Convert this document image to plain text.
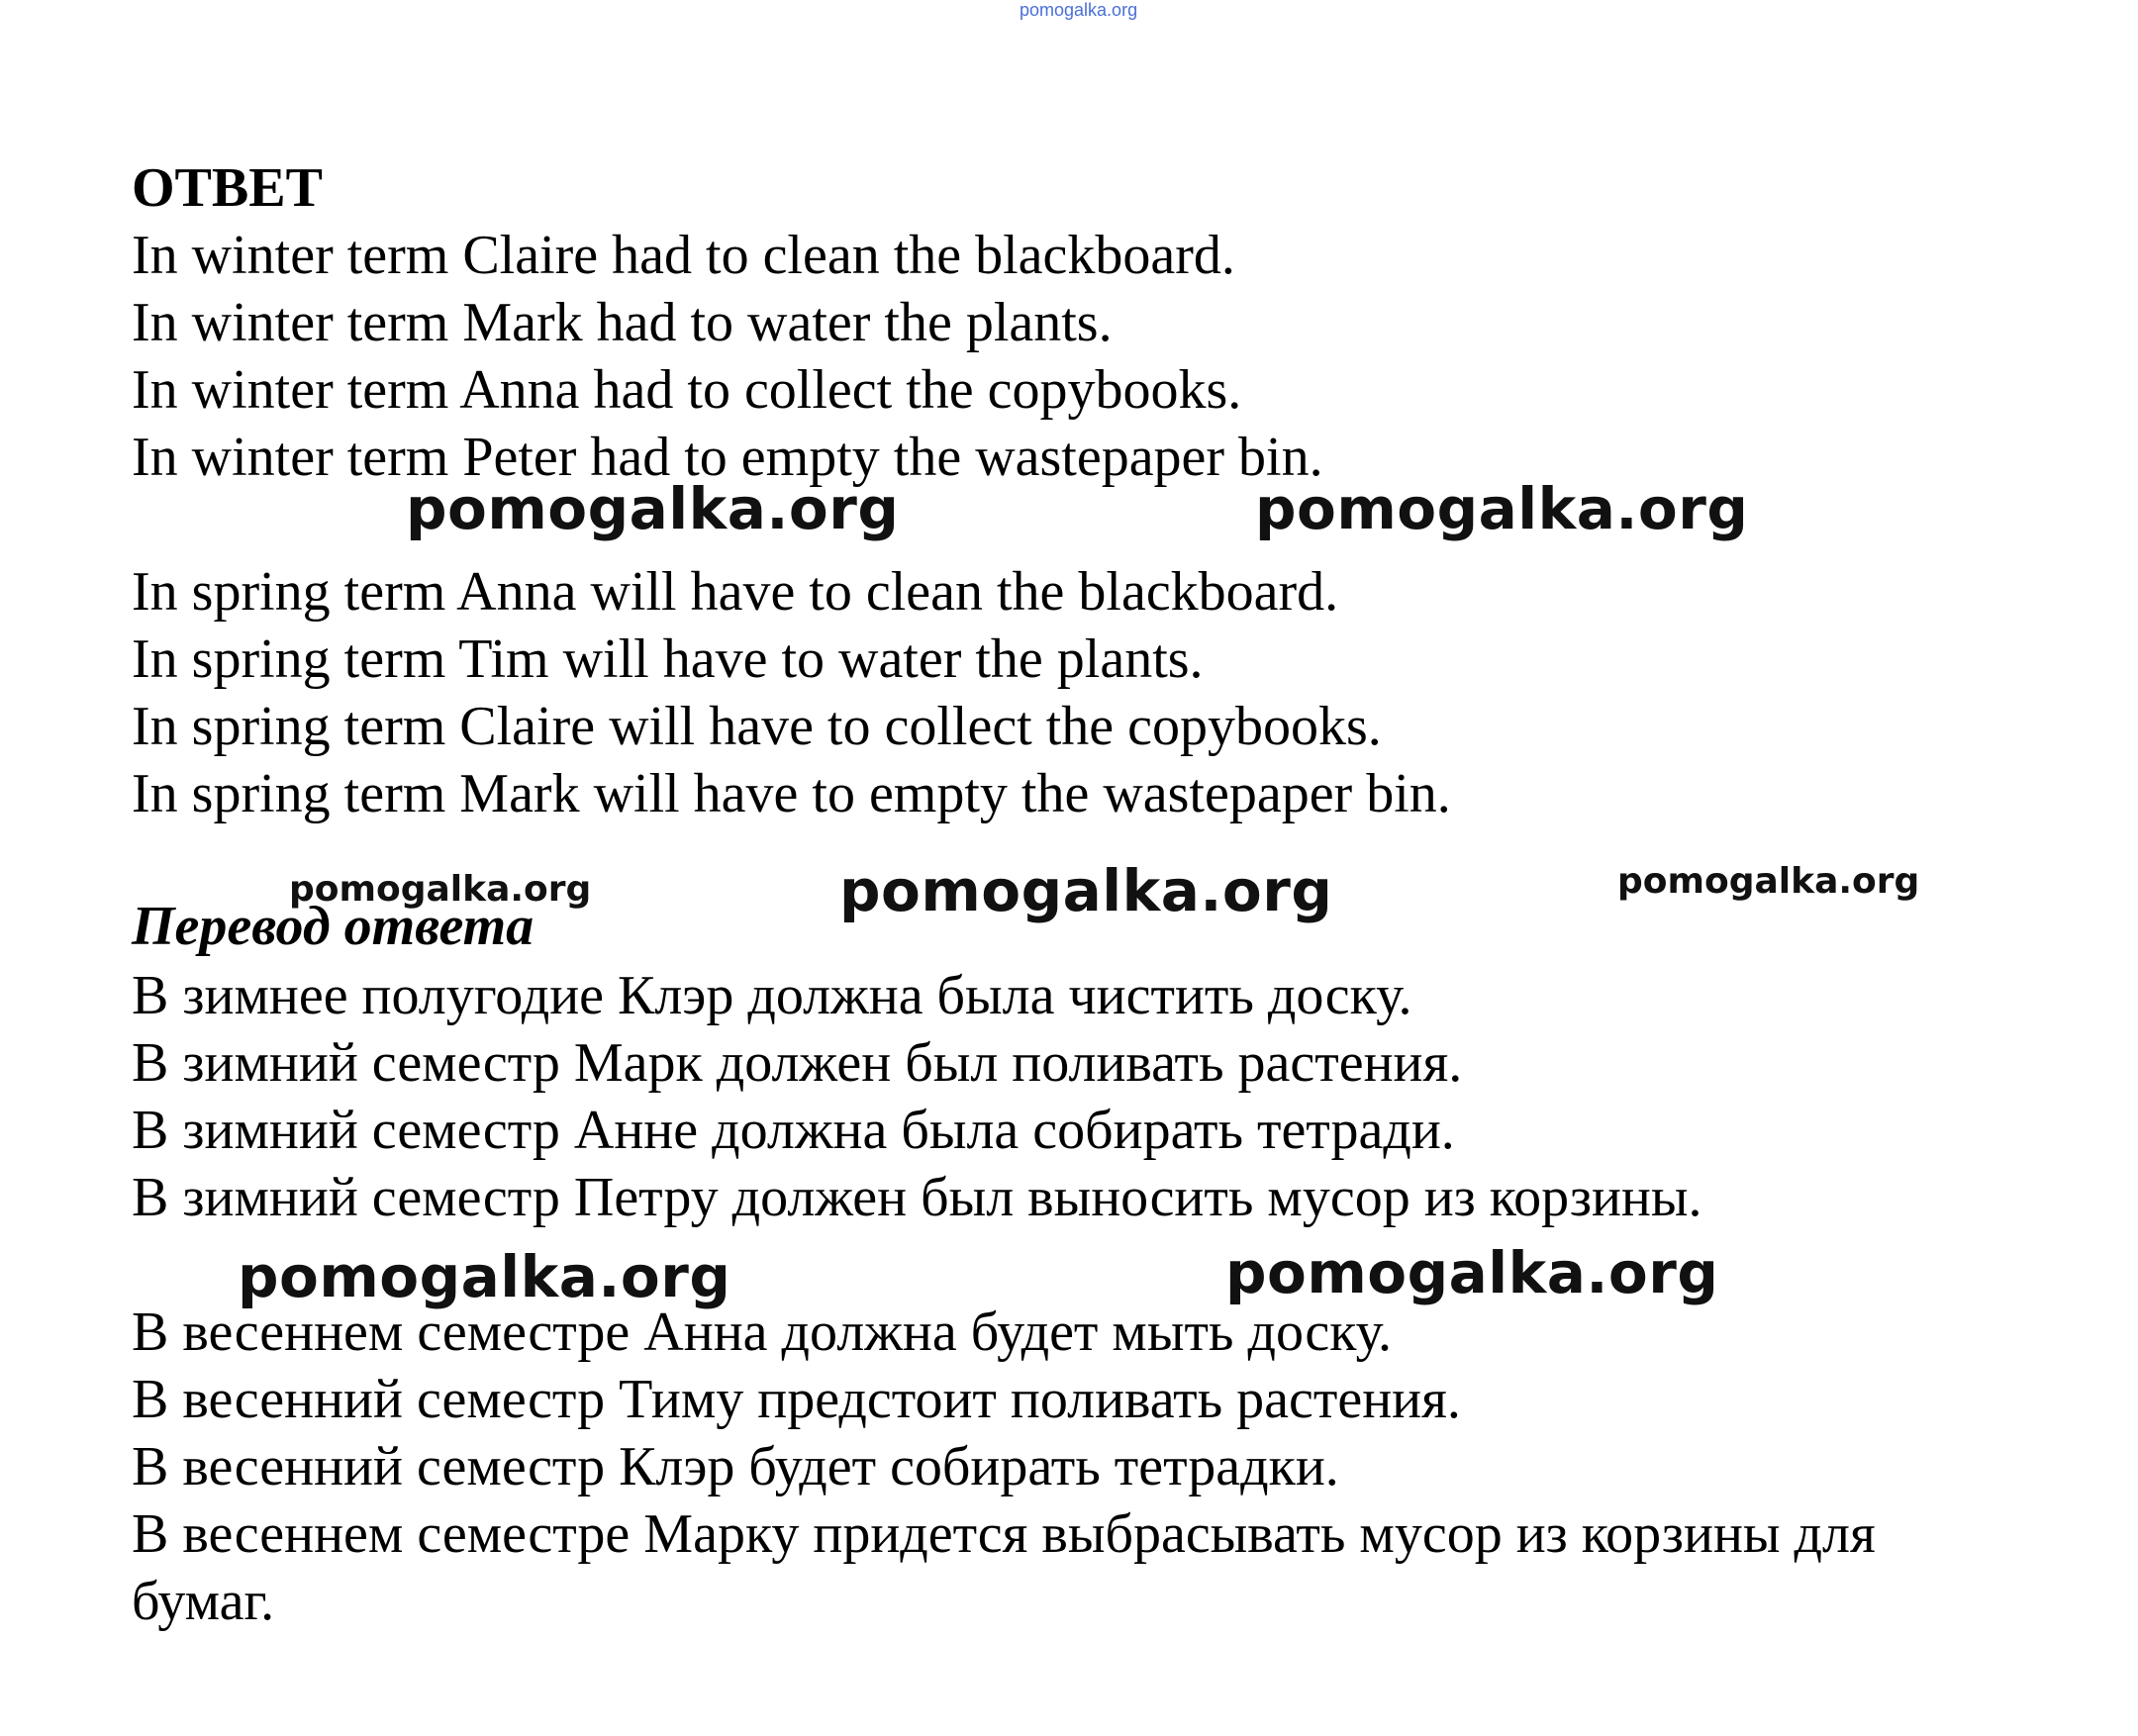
pomogalka.org
ОТВЕТ
In winter term Claire had to clean the blackboard.
In winter term Mark had to water the plants.
In winter term Anna had to collect the copybooks.
In winter term Peter had to empty the wastepaper bin.
In spring term Anna will have to clean the blackboard.
In spring term Tim will have to water the plants.
In spring term Claire will have to collect the copybooks.
In spring term Mark will have to empty the wastepaper bin.
Перевод ответа
В зимнее полугодие Клэр должна была чистить доску.
В зимний семестр Марк должен был поливать растения.
В зимний семестр Анне должна была собирать тетради.
В зимний семестр Петру должен был выносить мусор из корзины.
В весеннем семестре Анна должна будет мыть доску.
В весенний семестр Тиму предстоит поливать растения.
В весенний семестр Клэр будет собирать тетрадки.
В весеннем семестре Марку придется выбрасывать мусор из корзины для
бумаг.
pomogalka.org	pomogalka.org
pomogalka.org	pomogalka.org	pomogalka.org
pomogalka.org	pomogalka.org
